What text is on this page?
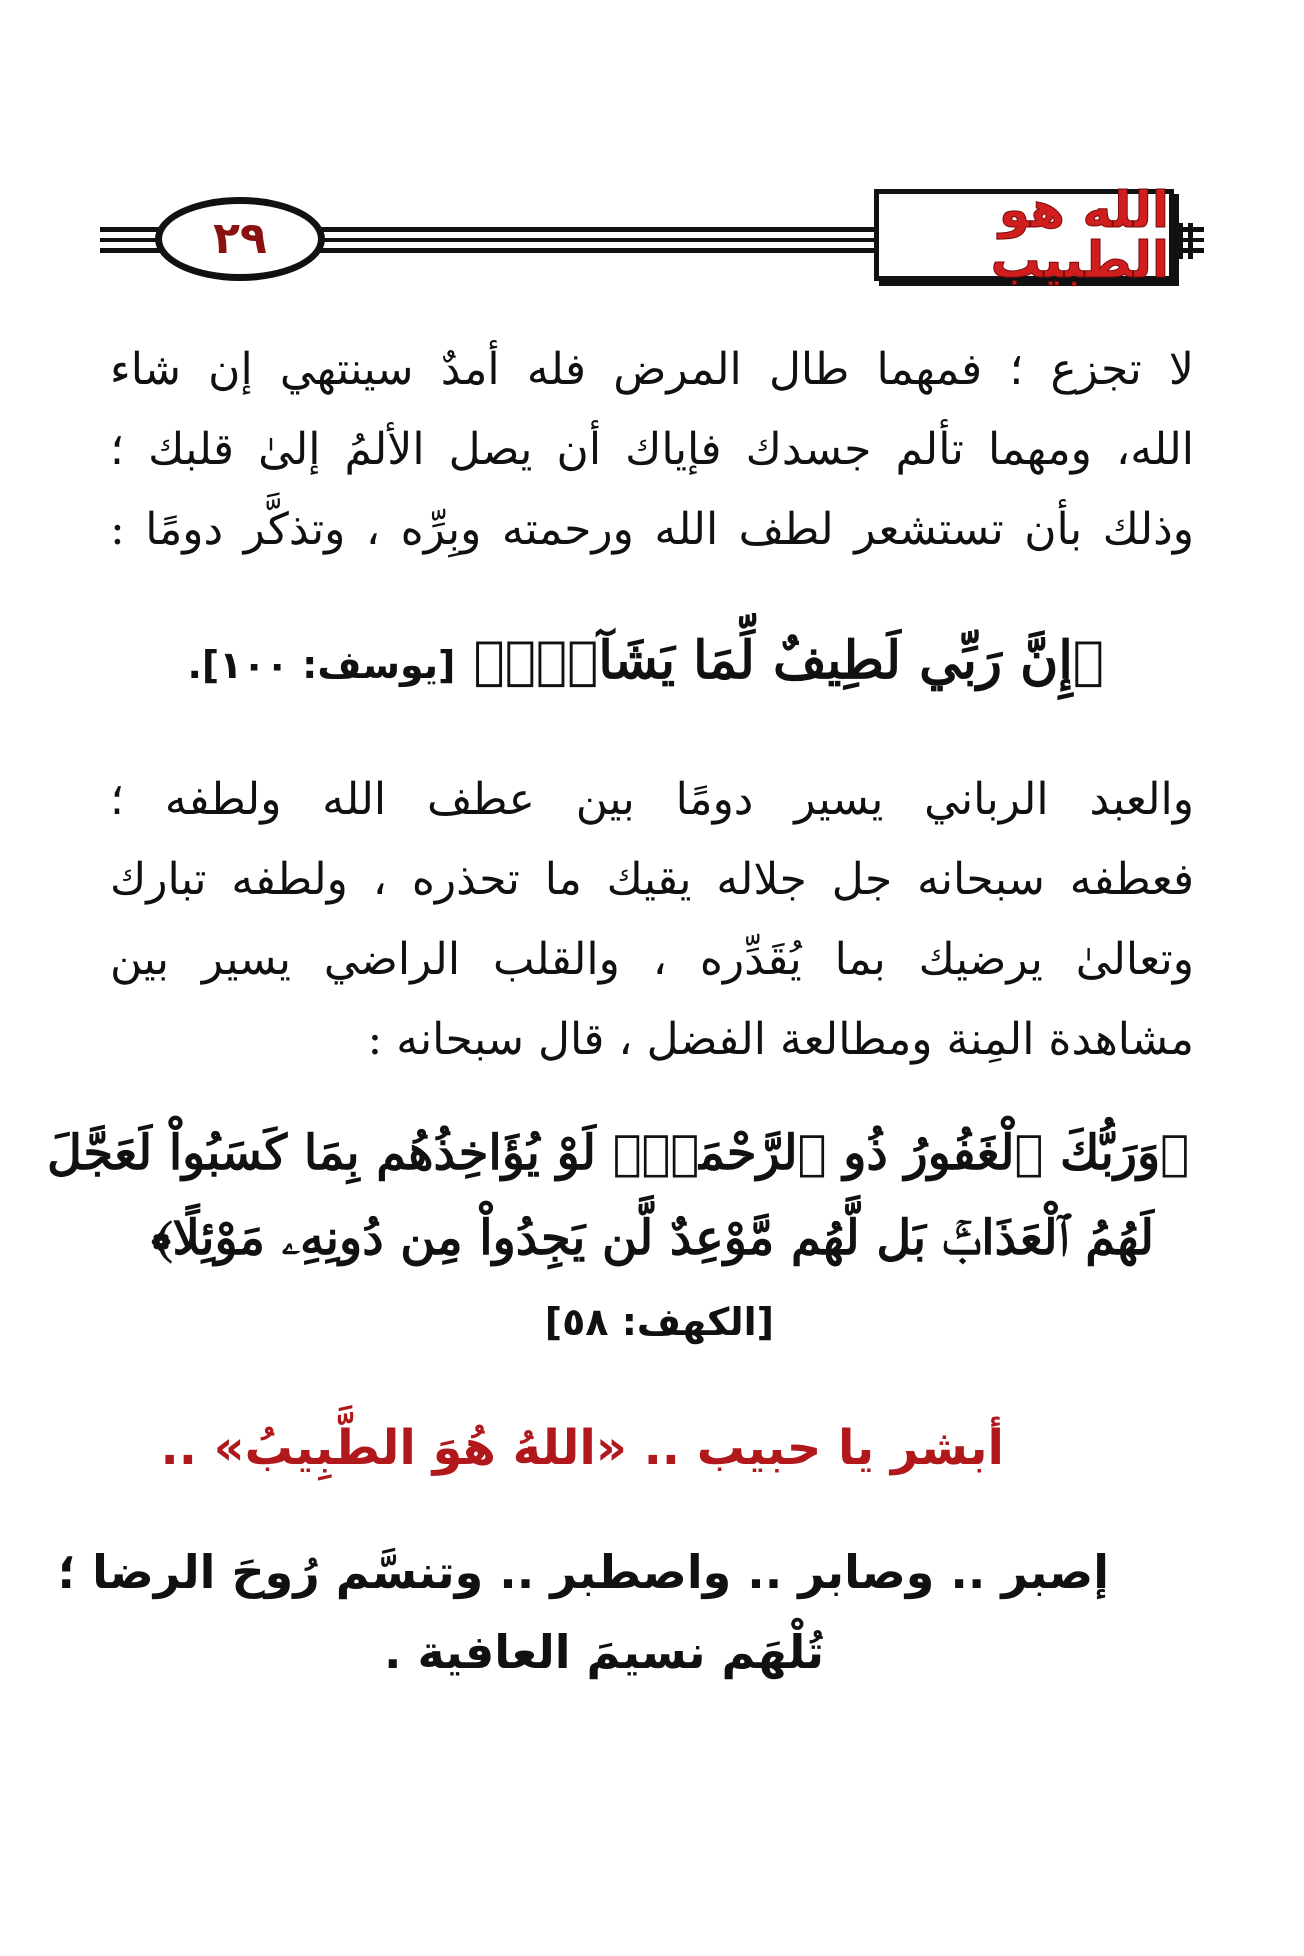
٢٩	الله هو الطبيب
لا تجزع ؛ فمهما طال المرض فله أمدٌ سينتهي إن شاء
الله، ومهما تألم جسدك فإياك أن يصل الألمُ إلىٰ قلبك ؛
وذلك بأن تستشعر لطف الله ورحمته وبِرِّه ، وتذكَّر دومًا :
﴿إِنَّ رَبِّي لَطِيفٌ لِّمَا يَشَآءُۚ﴾ [يوسف: ١٠٠].
والعبد الرباني يسير دومًا بين عطف الله ولطفه ؛
فعطفه سبحانه جل جلاله يقيك ما تحذره ، ولطفه تبارك
وتعالىٰ يرضيك بما يُقَدِّره ، والقلب الراضي يسير بين
مشاهدة المِنة ومطالعة الفضل ، قال سبحانه :
﴿وَرَبُّكَ ٱلْغَفُورُ ذُو ٱلرَّحْمَةِۖ لَوْ يُؤَاخِذُهُم بِمَا كَسَبُواْ لَعَجَّلَ
لَهُمُ ٱلْعَذَابَۚ بَل لَّهُم مَّوْعِدٌ لَّن يَجِدُواْ مِن دُونِهِۦ مَوْئِلًا﴾
[الكهف: ٥٨]
أبشر يا حبيب .. «اللهُ هُوَ الطَّبِيبُ» ..
إصبر .. وصابر .. واصطبر .. وتنسَّم رُوحَ الرضا ؛
تُلْهَم نسيمَ العافية .
